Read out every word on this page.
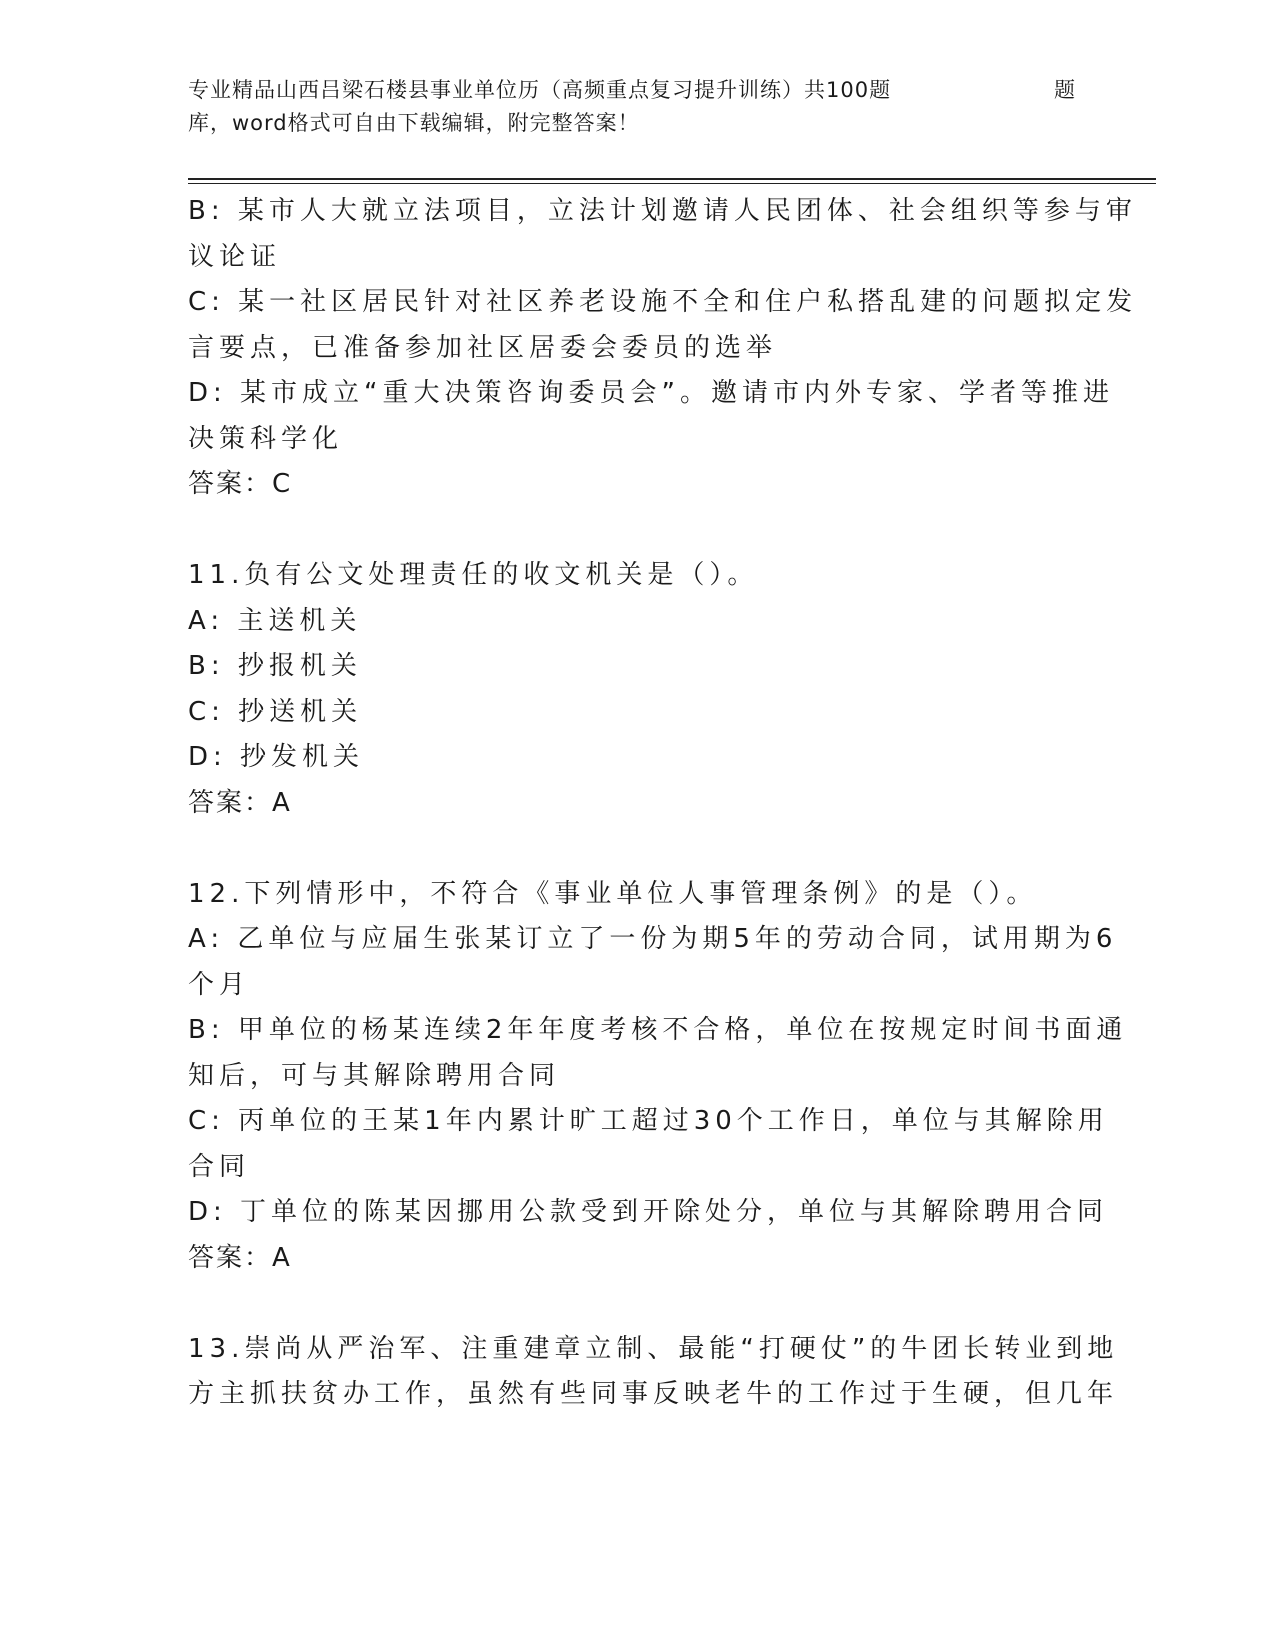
专业精品山西吕梁石楼县事业单位历（高频重点复习提升训练）共100题	题
库，word格式可自由下载编辑，附完整答案！
B: 某市人大就立法项目，立法计划邀请人民团体、社会组织等参与审
议论证
C: 某一社区居民针对社区养老设施不全和住户私搭乱建的问题拟定发
言要点，已准备参加社区居委会委员的选举
D: 某市成立“重大决策咨询委员会”。邀请市内外专家、学者等推进
决策科学化
答案：C
11.负有公文处理责任的收文机关是（）。
A: 主送机关
B: 抄报机关
C: 抄送机关
D: 抄发机关
答案：A
12.下列情形中，不符合《事业单位人事管理条例》的是（）。
A: 乙单位与应届生张某订立了一份为期5年的劳动合同，试用期为6
个月
B: 甲单位的杨某连续2年年度考核不合格，单位在按规定时间书面通
知后，可与其解除聘用合同
C: 丙单位的王某1年内累计旷工超过30个工作日，单位与其解除用
合同
D: 丁单位的陈某因挪用公款受到开除处分，单位与其解除聘用合同
答案：A
13.崇尚从严治军、注重建章立制、最能“打硬仗”的牛团长转业到地
方主抓扶贫办工作，虽然有些同事反映老牛的工作过于生硬，但几年
